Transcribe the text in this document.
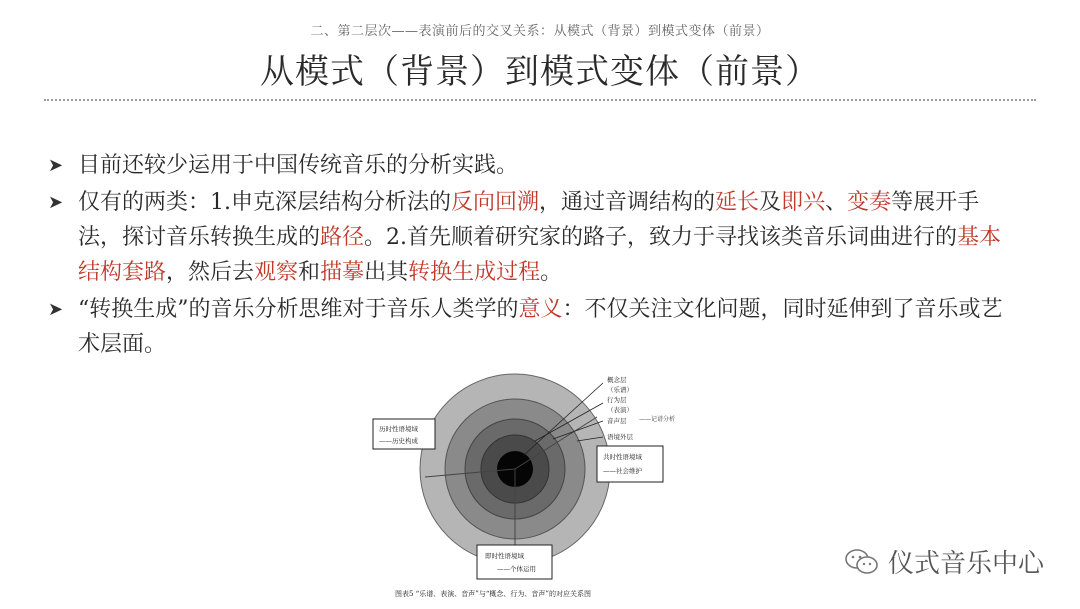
二、第二层次——表演前后的交叉关系：从模式（背景）到模式变体（前景）
从模式（背景）到模式变体（前景）
➤ 目前还较少运用于中国传统音乐的分析实践。
➤ 仅有的两类：1.申克深层结构分析法的反向回溯，通过音调结构的延长及即兴、变奏等展开手法，探讨音乐转换生成的路径。2.首先顺着研究家的路子，致力于寻找该类音乐词曲进行的基本结构套路，然后去观察和描摹出其转换生成过程。
➤ “转换生成”的音乐分析思维对于音乐人类学的意义：不仅关注文化问题，同时延伸到了音乐或艺术层面。
概念层
（乐谱）
行为层
（表演）
音声层 ——记谱分析
语境外层
历时性语境域
——历史构成
共时性语境域
——社会维护
即时性语境域
——个体运用
图表5 “乐谱、表演、音声”与“概念、行为、音声”的对应关系图
仪式音乐中心
